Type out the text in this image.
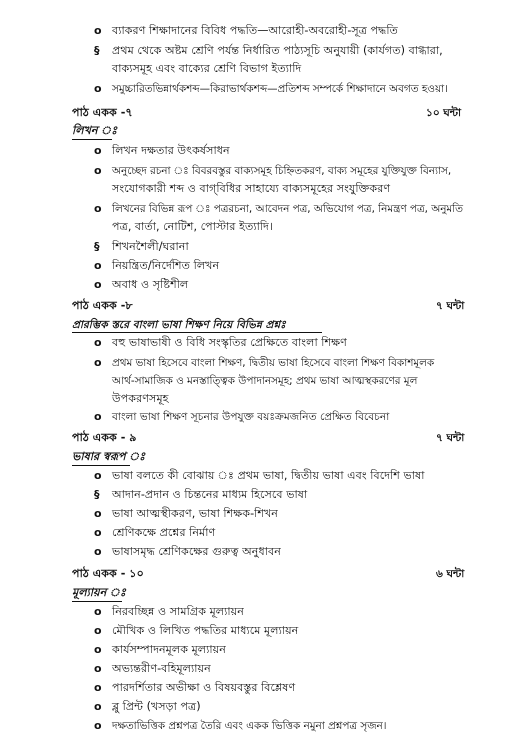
o
ব্যাকরণ শিক্ষাদানের বিবিধ পদ্ধতি—আরোহী-অবরোহী-সূত্র পদ্ধতি
§ প্রথম থেকে অষ্টম শ্রেণি পর্যন্ত নির্ধারিত পাঠ্যসূচি অনুযায়ী (কার্যগত) বাগ্ধারা,
বাক্যসমূহ এবং বাক্যের শ্রেণি বিভাগ ইত্যাদি
o
সমুচ্চারিতভিন্নার্থকশব্দ—কিরাভার্থকশব্দ—প্রতিশব্দ সম্পর্কে শিক্ষাদানে অবগত হওয়া।
পাঠ একক -৭	১০ ঘন্টা
লিখন ঃ
o
লিখন দক্ষতার উৎকর্ষসাধন
o
অনুচ্ছেদ রচনা ঃ বিবরবস্তুর বাক্যসমূহ চিহ্নিতকরণ, বাক্য সমূহের যুক্তিযুক্ত বিন্যাস,
সংযোগকারী শব্দ ও বাগ্‌বিধির সাহায্যে বাক্যসমূহের সংযুক্তিকরণ
o
লিখনের বিভিন্ন রূপ ঃ পত্ররচনা, আবেদন পত্র, অভিযোগ পত্র, নিমন্ত্রণ পত্র, অনুমতি
পত্র, বার্তা, নোটিশ, পোস্টার ইত্যাদি।
§ শিখনশৈলী/ঘরানা
o
নিয়ন্ত্রিত/নির্দেশিত লিখন
o
অবাধ ও সৃষ্টিশীল
পাঠ একক -৮	৭ ঘন্টা
প্রারম্ভিক স্তরে বাংলা ভাষা শিক্ষণ নিয়ে বিভিন্ন প্রশ্নঃ
o
বহু ভাষাভাষী ও বিধি সংস্কৃতির প্রেক্ষিতে বাংলা শিক্ষণ
o
প্রথম ভাষা হিসেবে বাংলা শিক্ষণ, দ্বিতীয় ভাষা হিসেবে বাংলা শিক্ষণ বিকাশমূলক
আর্থ-সামাজিক ও মনস্তাত্ত্বিক উপাদানসমূহ; প্রথম ভাষা আত্মস্থকরণের মূল
উপকরণসমূহ
o
বাংলা ভাষা শিক্ষণ সূচনার উপযুক্ত বয়ঃক্রমজনিত প্রেক্ষিত বিবেচনা
পাঠ একক - ৯	৭ ঘন্টা
ভাষার স্বরূপ ঃ
o
ভাষা বলতে কী বোঝায় ঃ প্রথম ভাষা, দ্বিতীয় ভাষা এবং বিদেশি ভাষা
§ আদান-প্রদান ও চিন্তনের মাধ্যম হিসেবে ভাষা
o
ভাষা আত্মস্থীকরণ, ভাষা শিক্ষক-শিখন
o
শ্রেণিকক্ষে প্রশ্নের নির্মাণ
o
ভাষাসমৃদ্ধ শ্রেণিকক্ষের গুরুত্ব অনুধাবন
পাঠ একক - ১০	৬ ঘন্টা
মূল্যায়ন ঃ
o
নিরবচ্ছিন্ন ও সামগ্রিক মূল্যায়ন
o
মৌখিক ও লিখিত পদ্ধতির মাধ্যমে মূল্যায়ন
o
কার্যসম্পাদনমূলক মূল্যায়ন
o
অভ্যন্তরীণ-বহিমূল্যায়ন
o
পারদর্শিতার অভীক্ষা ও বিষয়বস্তুর বিশ্লেষণ
o
ব্লু প্রিন্ট (খসড়া পত্র)
o
দক্ষতাভিত্তিক প্রশ্নপত্র তৈরি এবং একক ভিত্তিক নমুনা প্রশ্নপত্র সৃজন।
